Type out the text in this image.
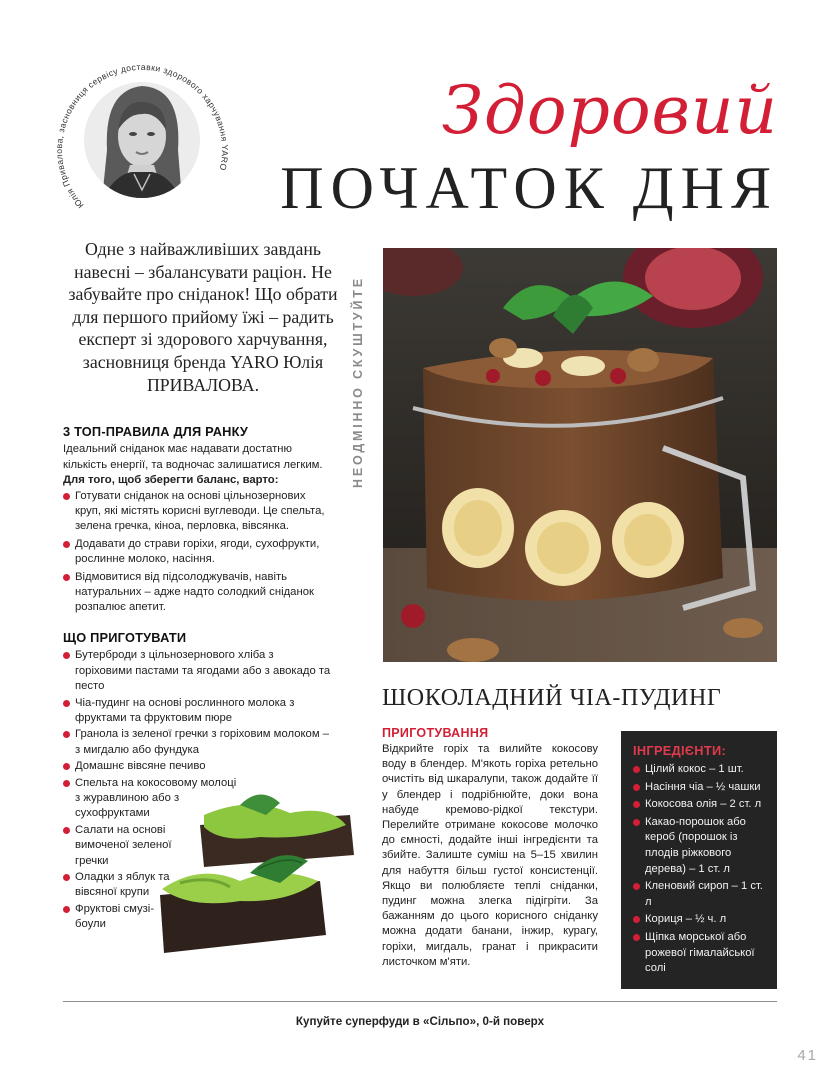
Юлія Привалова, засновниця сервісу доставки здорового харчування YARO
Здоровий
ПОЧАТОК ДНЯ
Одне з найважливіших завдань навесні – збалансувати раціон. Не забувайте про сніданок! Що обрати для першого прийому їжі – радить експерт зі здорового харчування, засновниця бренда YARO Юлія ПРИВАЛОВА.
3 ТОП-ПРАВИЛА ДЛЯ РАНКУ
Ідеальний сніданок має надавати достатню кількість енергії, та водночас залишатися легким.
Для того, щоб зберегти баланс, варто:
Готувати сніданок на основі цільнозернових круп, які містять корисні вуглеводи. Це спельта, зелена гречка, кіноа, перловка, вівсянка.
Додавати до страви горіхи, ягоди, сухофрукти, рослинне молоко, насіння.
Відмовитися від підсолоджувачів, навіть натуральних – адже надто солодкий сніданок розпалює апетит.
ЩО ПРИГОТУВАТИ
Бутерброди з цільнозернового хліба з горіховими пастами та ягодами або з авокадо та песто
Чіа-пудинг на основі рослинного молока з фруктами та фруктовим пюре
Гранола із зеленої гречки з горіховим молоком – з мигдалю або фундука
Домашнє вівсяне печиво
Спельта на кокосовому молоці з журавлиною або з сухофруктами
Салати на основі вимоченої зеленої гречки
Оладки з яблук та вівсяної крупи
Фруктові смузі-боули
НЕОДМІННО СКУШТУЙТЕ
ШОКОЛАДНИЙ ЧІА-ПУДИНГ
ПРИГОТУВАННЯ
Відкрийте горіх та вилийте кокосову воду в блендер. М'якоть горіха ретельно очистіть від шкаралупи, також додайте її у блендер і подрібнюйте, доки вона набуде кремово-рідкої текстури. Перелийте отримане кокосове молочко до ємності, додайте інші інгредієнти та збийте. Залиште суміш на 5–15 хвилин для набуття більш густої консистенції. Якщо ви полюбляєте теплі сніданки, пудинг можна злегка підігріти. За бажанням до цього корисного сніданку можна додати банани, інжир, курагу, горіхи, мигдаль, гранат і прикрасити листочком м'яти.
ІНГРЕДІЄНТИ:
Цілий кокос – 1 шт.
Насіння чіа – ½ чашки
Кокосова олія – 2 ст. л
Какао-порошок або кероб (порошок із плодів ріжкового дерева) – 1 ст. л
Кленовий сироп – 1 ст. л
Кориця – ½ ч. л
Щіпка морської або рожевої гімалайської солі
Купуйте суперфуди в «Сільпо», 0-й поверх
41
